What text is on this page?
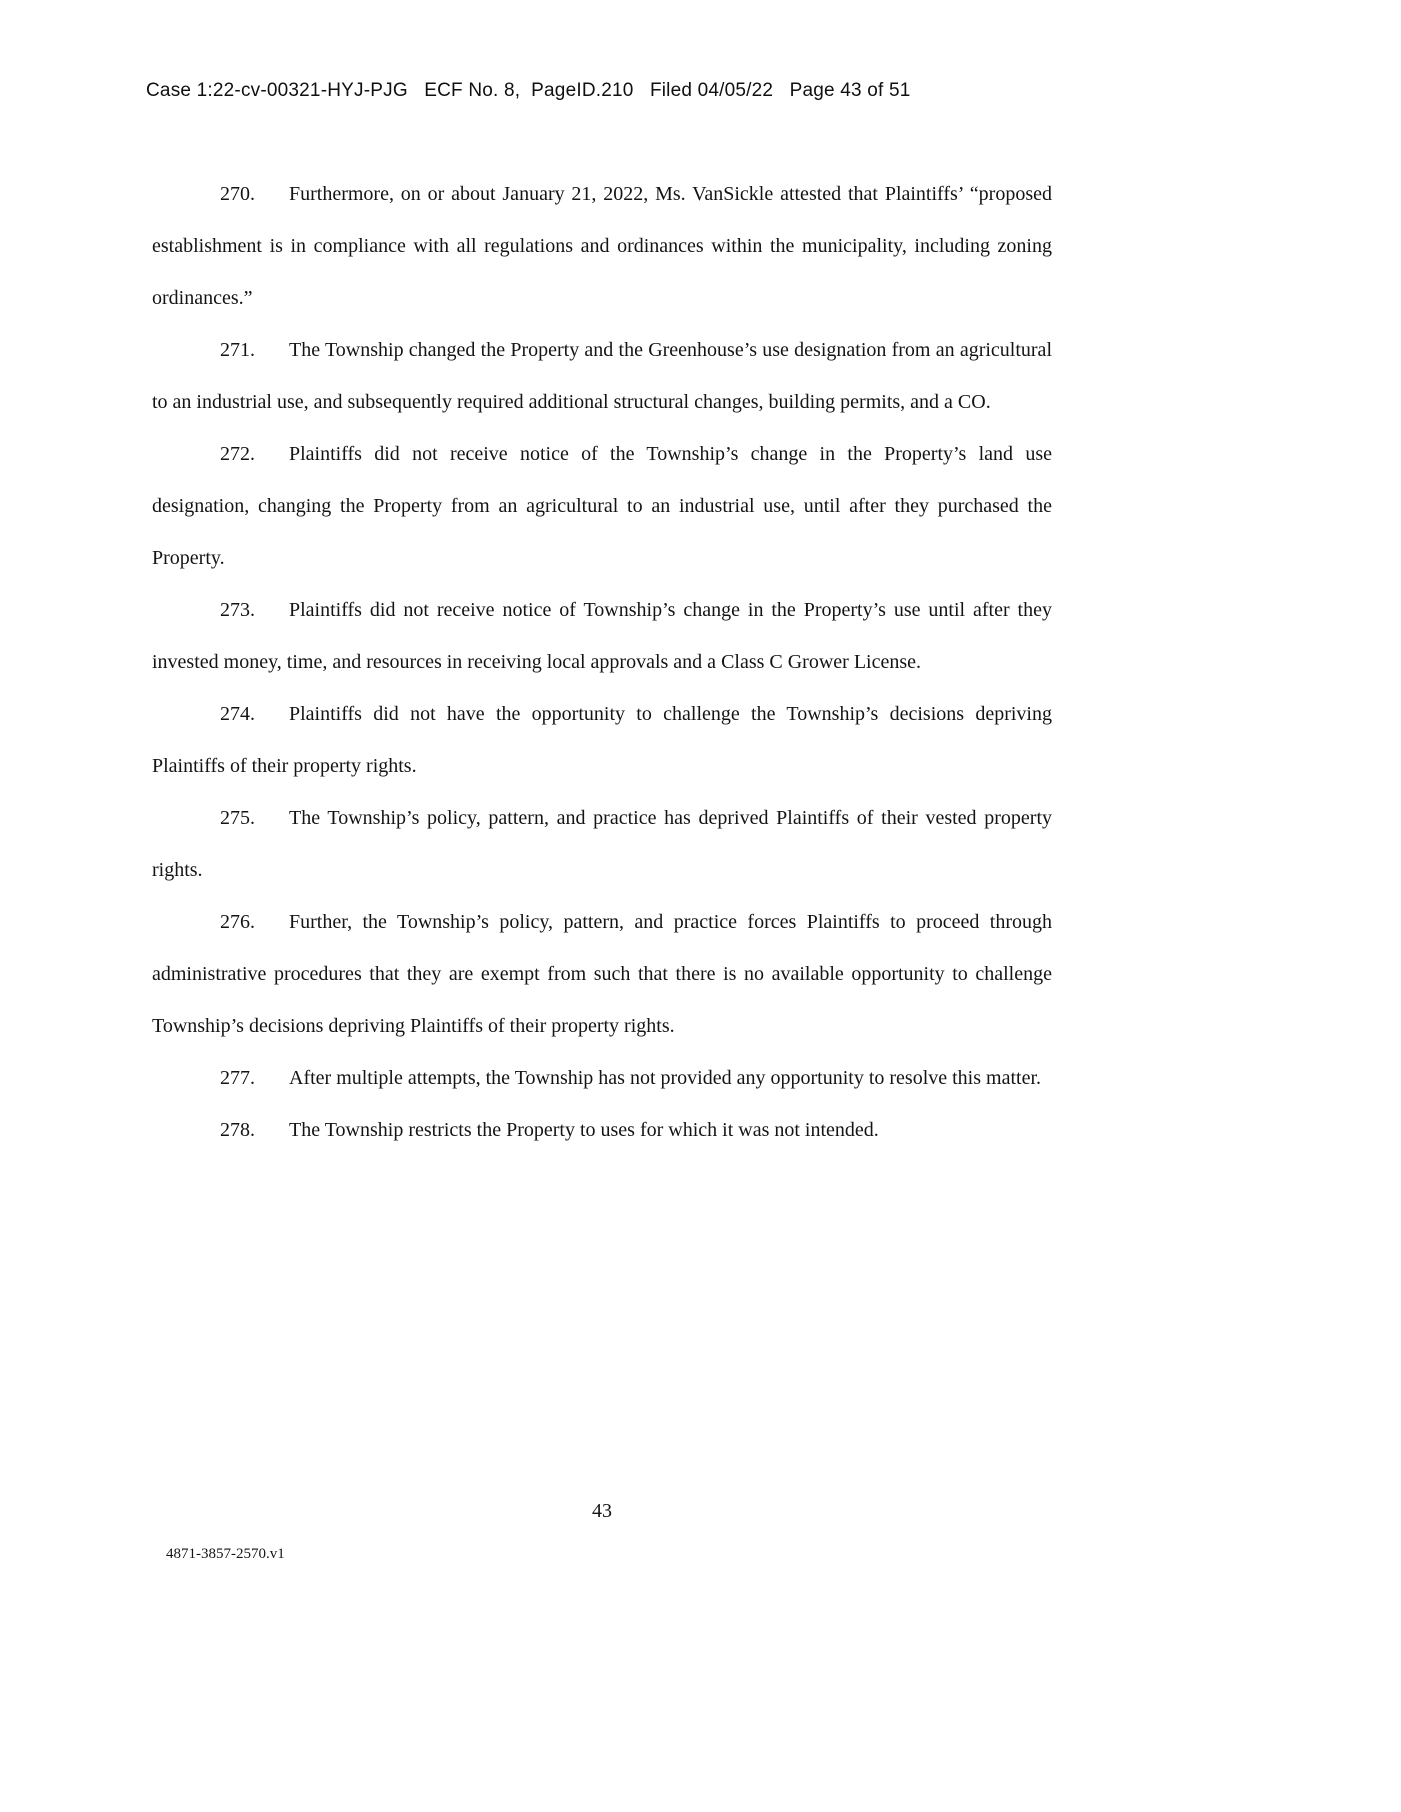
Case 1:22-cv-00321-HYJ-PJG   ECF No. 8,  PageID.210   Filed 04/05/22   Page 43 of 51

270. Furthermore, on or about January 21, 2022, Ms. VanSickle attested that Plaintiffs’ “proposed establishment is in compliance with all regulations and ordinances within the municipality, including zoning ordinances.”

271. The Township changed the Property and the Greenhouse’s use designation from an agricultural to an industrial use, and subsequently required additional structural changes, building permits, and a CO.

272. Plaintiffs did not receive notice of the Township’s change in the Property’s land use designation, changing the Property from an agricultural to an industrial use, until after they purchased the Property.

273. Plaintiffs did not receive notice of Township’s change in the Property’s use until after they invested money, time, and resources in receiving local approvals and a Class C Grower License.

274. Plaintiffs did not have the opportunity to challenge the Township’s decisions depriving Plaintiffs of their property rights.

275. The Township’s policy, pattern, and practice has deprived Plaintiffs of their vested property rights.

276. Further, the Township’s policy, pattern, and practice forces Plaintiffs to proceed through administrative procedures that they are exempt from such that there is no available opportunity to challenge Township’s decisions depriving Plaintiffs of their property rights.

277. After multiple attempts, the Township has not provided any opportunity to resolve this matter.

278. The Township restricts the Property to uses for which it was not intended.

43
4871-3857-2570.v1
